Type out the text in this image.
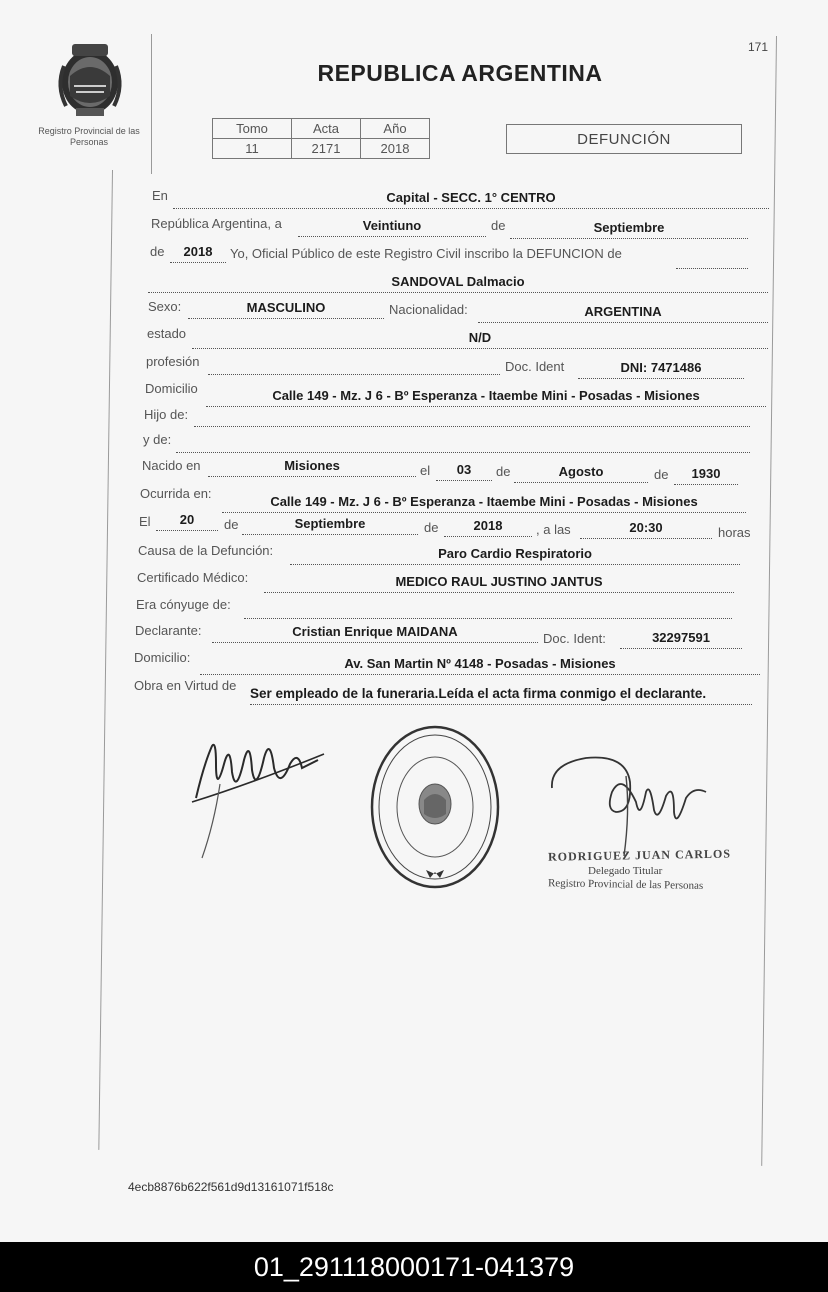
Registro Provincial de las Personas
171
REPUBLICA ARGENTINA
Tomo	Acta	Año
11	2171	2018
DEFUNCIÓN
En	Capital - SECC. 1° CENTRO
República Argentina, a	Veintiuno	de	Septiembre
de	2018	Yo, Oficial Público de este Registro Civil inscribo la DEFUNCION de
SANDOVAL Dalmacio
Sexo:	MASCULINO	Nacionalidad:	ARGENTINA
estado	N/D
profesión	Doc. Ident	DNI: 7471486
Domicilio	Calle 149 - Mz. J 6 - Bº Esperanza - Itaembe Mini - Posadas - Misiones
Hijo de:
y de:
Nacido en	Misiones	el	03	de	Agosto	de	1930
Ocurrida en:
Calle 149 - Mz. J 6 - Bº Esperanza - Itaembe Mini - Posadas - Misiones
El	20	de	Septiembre	de	2018	, a las	20:30	horas
Causa de la Defunción:	Paro Cardio Respiratorio
Certificado Médico:	MEDICO RAUL JUSTINO JANTUS
Era cónyuge de:
Declarante:	Cristian Enrique MAIDANA	Doc. Ident:	32297591
Domicilio:	Av. San Martin Nº 4148 - Posadas - Misiones
Obra en Virtud de
Ser empleado de la funeraria.Leída el acta firma conmigo el declarante.
RODRIGUEZ JUAN CARLOS
Delegado Titular
Registro Provincial de las Personas
4ecb8876b622f561d9d13161071f518c
01_291118000171-041379
